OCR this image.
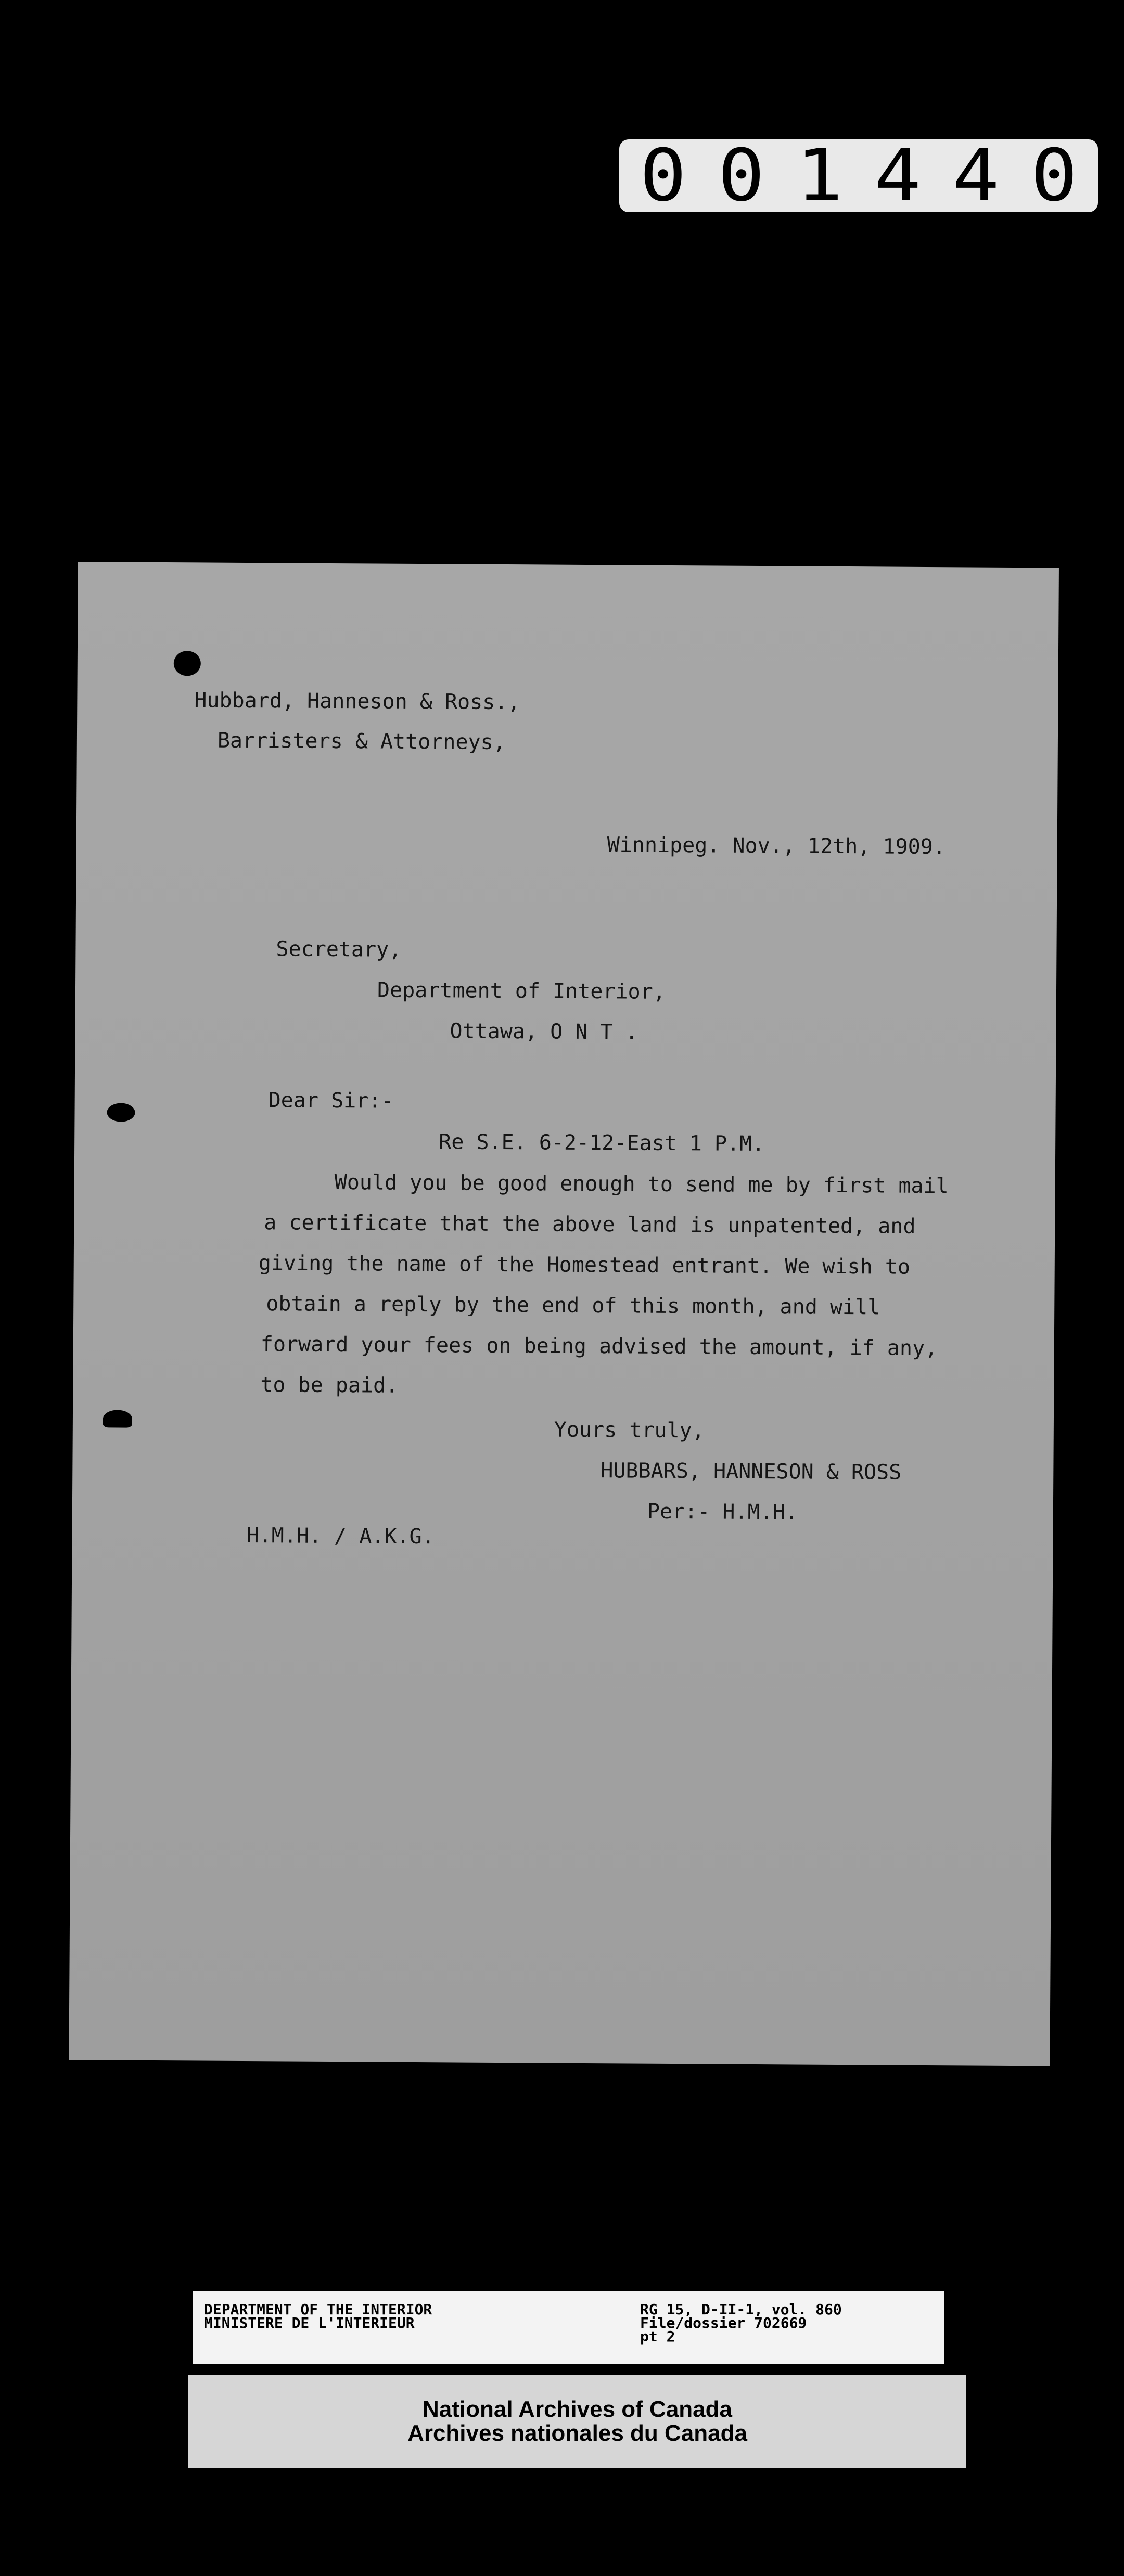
001440

Hubbard, Hanneson & Ross.,

Barristers & Attorneys,

Winnipeg. Nov., 12th, 1909.

Secretary,

Department of Interior,

Ottawa, O N T .

Dear Sir:-

Re S.E. 6-2-12-East 1 P.M.

Would you be good enough to send me by first mail

a certificate that the above land is unpatented, and

giving the name of the Homestead entrant. We wish to

obtain a reply by the end of this month, and will

forward your fees on being advised the amount, if any,

to be paid.

Yours truly,

HUBBARS, HANNESON & ROSS

Per:- H.M.H.

H.M.H. / A.K.G.

DEPARTMENT OF THE INTERIOR
MINISTERE DE L'INTERIEUR
RG 15, D-II-1, vol. 860
File/dossier 702669
pt 2
National Archives of Canada
Archives nationales du Canada
